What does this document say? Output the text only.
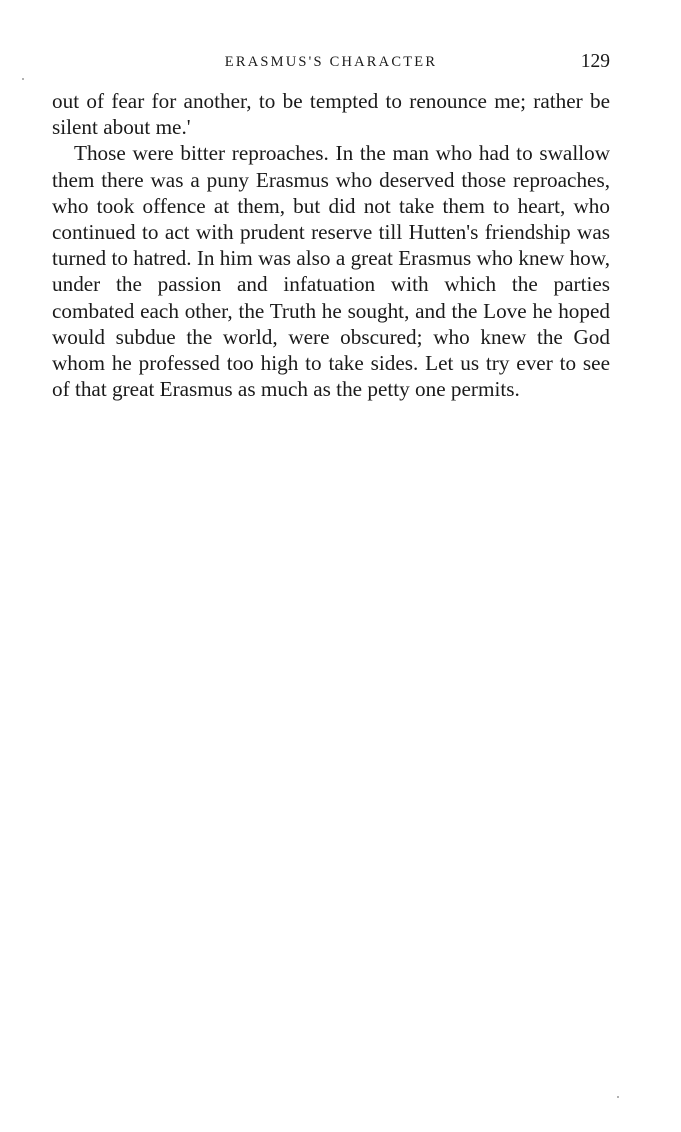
ERASMUS'S CHARACTER	129

out of fear for another, to be tempted to renounce me; rather be silent about me.'

Those were bitter reproaches. In the man who had to swallow them there was a puny Erasmus who deserved those reproaches, who took offence at them, but did not take them to heart, who continued to act with prudent reserve till Hutten's friendship was turned to hatred. In him was also a great Erasmus who knew how, under the passion and infatuation with which the parties combated each other, the Truth he sought, and the Love he hoped would subdue the world, were obscured; who knew the God whom he professed too high to take sides. Let us try ever to see of that great Erasmus as much as the petty one permits.
